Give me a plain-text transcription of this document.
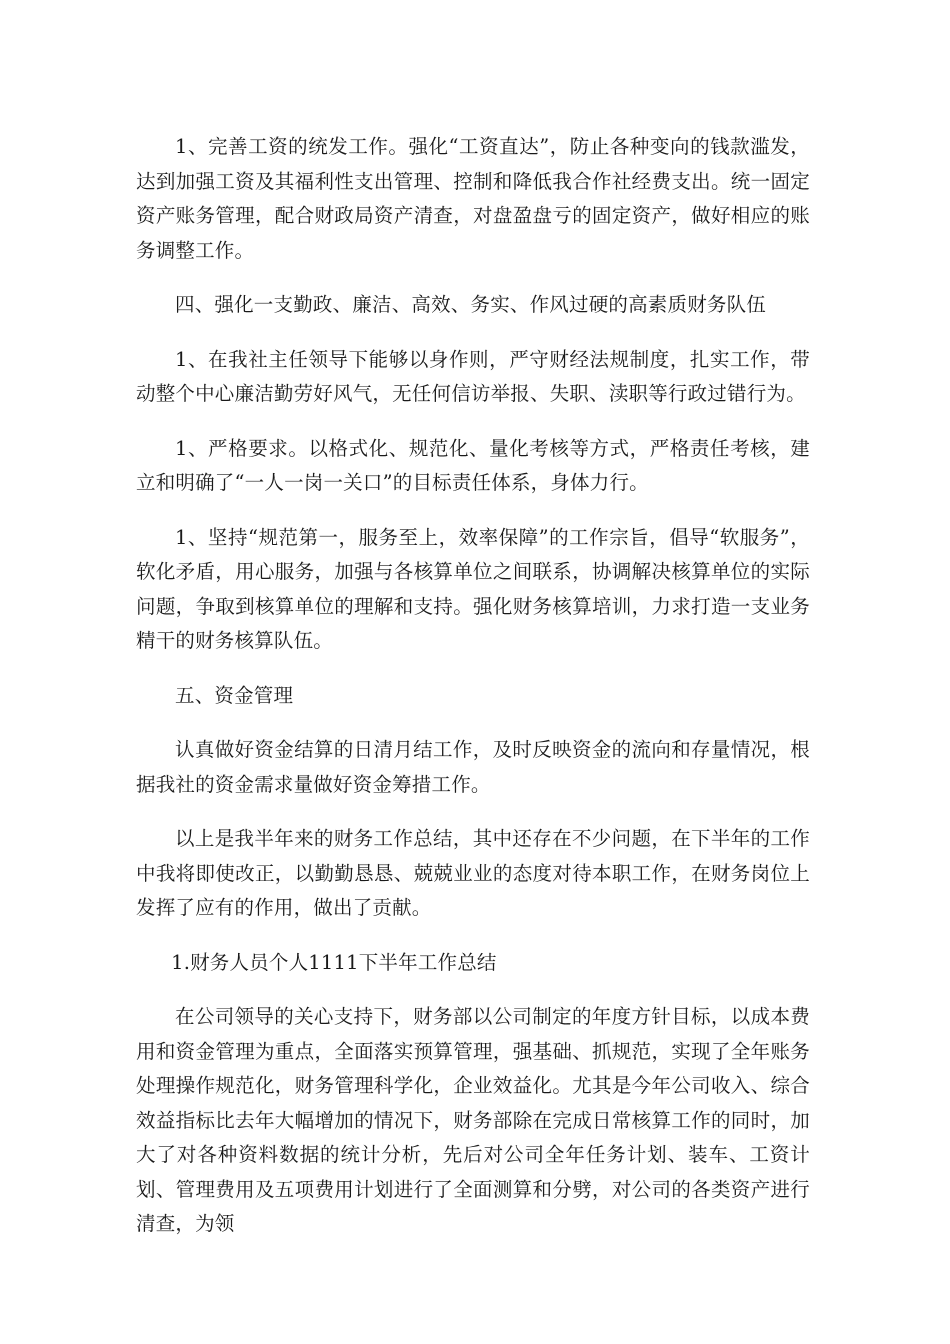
1、完善工资的统发工作。强化“工资直达”，防止各种变向的钱款滥发，达到加强工资及其福利性支出管理、控制和降低我合作社经费支出。统一固定资产账务管理，配合财政局资产清查，对盘盈盘亏的固定资产，做好相应的账务调整工作。

四、强化一支勤政、廉洁、高效、务实、作风过硬的高素质财务队伍

1、在我社主任领导下能够以身作则，严守财经法规制度，扎实工作，带动整个中心廉洁勤劳好风气，无任何信访举报、失职、渎职等行政过错行为。

1、严格要求。以格式化、规范化、量化考核等方式，严格责任考核，建立和明确了“一人一岗一关口”的目标责任体系，身体力行。

1、坚持“规范第一，服务至上，效率保障”的工作宗旨，倡导“软服务”，软化矛盾，用心服务，加强与各核算单位之间联系，协调解决核算单位的实际问题，争取到核算单位的理解和支持。强化财务核算培训，力求打造一支业务精干的财务核算队伍。

五、资金管理

认真做好资金结算的日清月结工作，及时反映资金的流向和存量情况，根据我社的资金需求量做好资金筹措工作。

以上是我半年来的财务工作总结，其中还存在不少问题，在下半年的工作中我将即使改正，以勤勤恳恳、兢兢业业的态度对待本职工作，在财务岗位上发挥了应有的作用，做出了贡献。

1.财务人员个人1111下半年工作总结

在公司领导的关心支持下，财务部以公司制定的年度方针目标，以成本费用和资金管理为重点，全面落实预算管理，强基础、抓规范，实现了全年账务处理操作规范化，财务管理科学化，企业效益化。尤其是今年公司收入、综合效益指标比去年大幅增加的情况下，财务部除在完成日常核算工作的同时，加大了对各种资料数据的统计分析，先后对公司全年任务计划、装车、工资计划、管理费用及五项费用计划进行了全面测算和分劈，对公司的各类资产进行清查，为领
